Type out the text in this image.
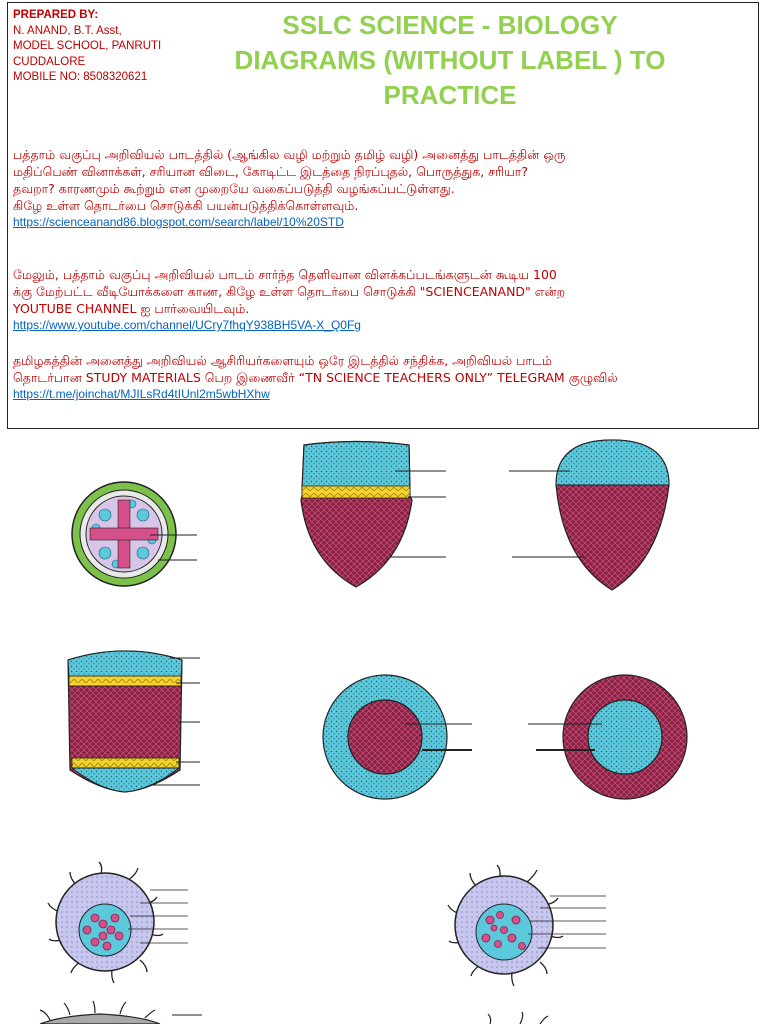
PREPARED BY:
N. ANAND, B.T. Asst,
MODEL SCHOOL, PANRUTI
CUDDALORE
MOBILE NO: 8508320621
SSLC SCIENCE - BIOLOGY
DIAGRAMS (WITHOUT LABEL ) TO
PRACTICE
பத்தாம் வகுப்பு அறிவியல் பாடத்தில் (ஆங்கில வழி மற்றும் தமிழ் வழி) அனைத்து பாடத்தின் ஒரு
மதிப்பெண் வினாக்கள், சரியான விடை, கோடிட்ட இடத்தை நிரப்புதல், பொருத்துக, சரியா?
தவறா? காரணமும் கூற்றும் என முறையே வகைப்படுத்தி வழங்கப்பட்டுள்ளது.
கிழே உள்ள தொடர்பை சொடுக்கி பயன்படுத்திக்கொள்ளவும்.
https://scienceanand86.blogspot.com/search/label/10%20STD
மேலும், பத்தாம் வகுப்பு அறிவியல் பாடம் சார்ந்த தெளிவான விளக்கப்படங்களுடன் கூடிய 100
க்கு மேற்பட்ட வீடியோக்களை காண, கிழே உள்ள தொடர்பை சொடுக்கி "SCIENCEANAND" என்ற
YOUTUBE CHANNEL ஐ பார்வையிடவும்.
https://www.youtube.com/channel/UCry7fhqY938BH5VA-X_Q0Fg
தமிழகத்தின் அனைத்து அறிவியல் ஆசிரியர்களையும் ஒரே இடத்தில் சந்திக்க, அறிவியல் பாடம்
தொடர்பான STUDY MATERIALS பெற இணைவீர் “TN SCIENCE TEACHERS ONLY” TELEGRAM குழுவில்
https://t.me/joinchat/MJILsRd4tIUnl2m5wbHXhw
